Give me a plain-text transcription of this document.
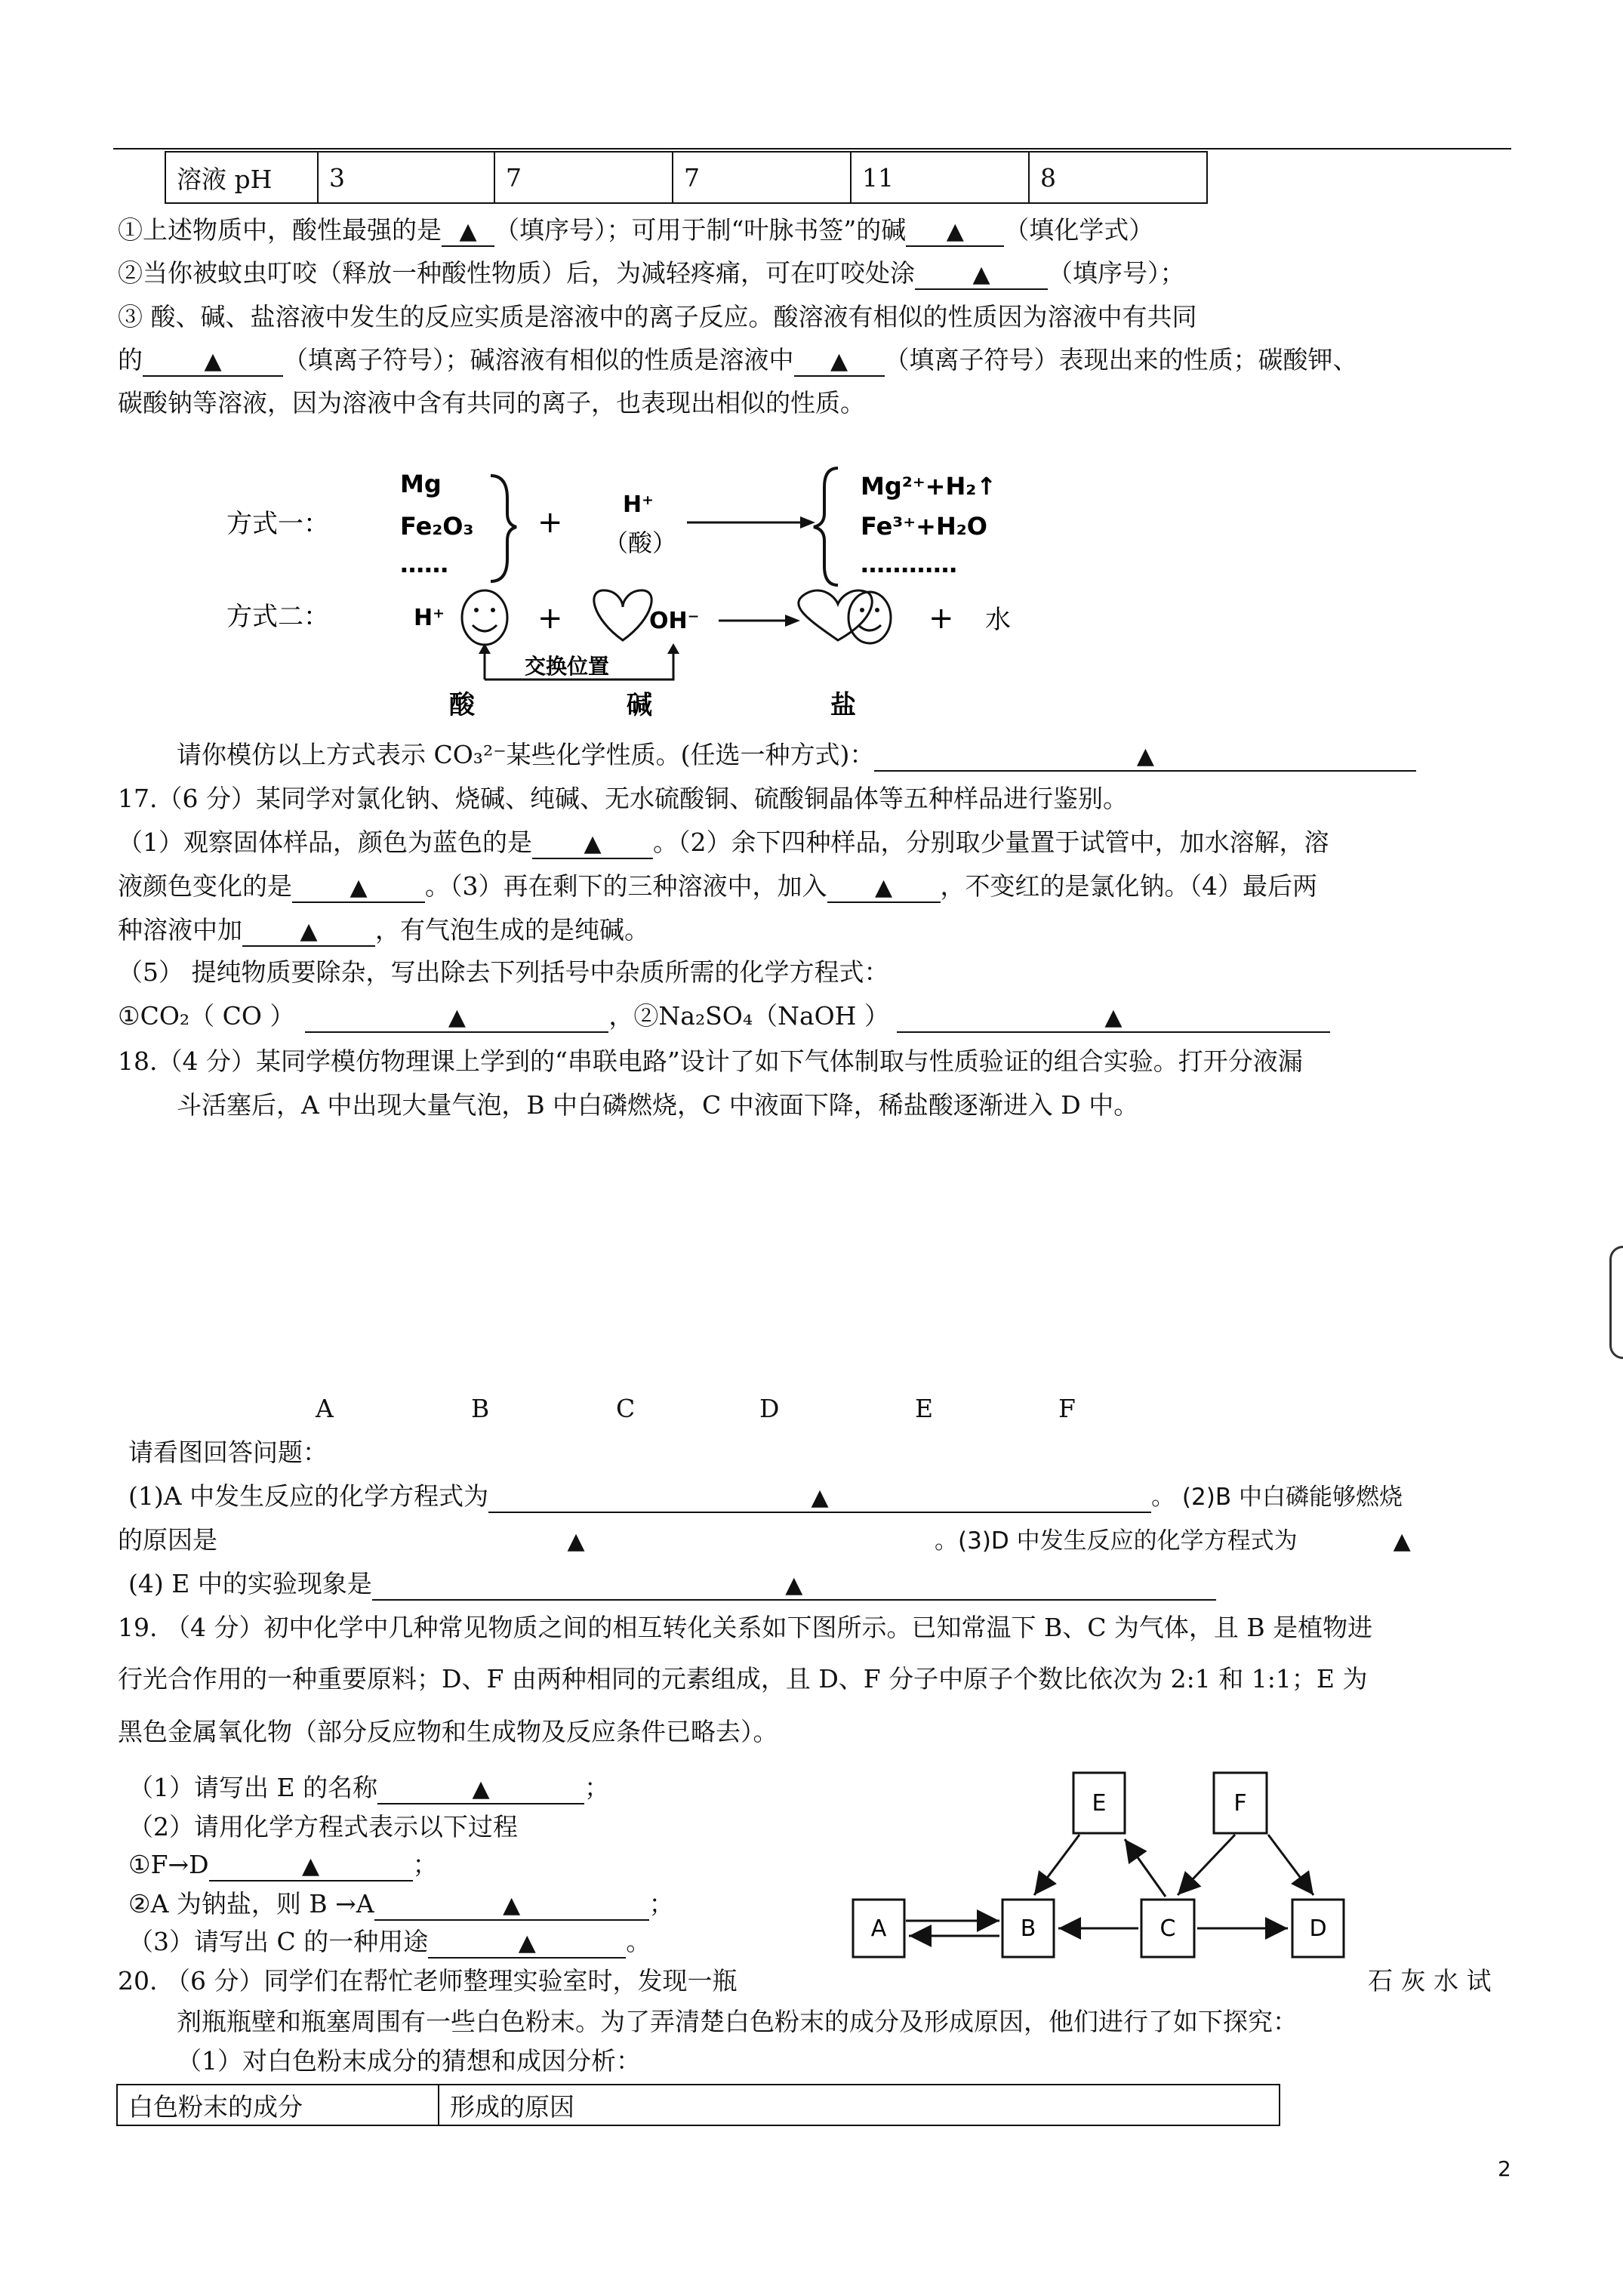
溶液 pH	3	7	7	11	8
①上述物质中，酸性最强的是 ▲ （填序号）；可用于制“叶脉书签”的碱 ▲ （填化学式）
②当你被蚊虫叮咬（释放一种酸性物质）后，为减轻疼痛，可在叮咬处涂	▲ （填序号）；
③ 酸、碱、盐溶液中发生的反应实质是溶液中的离子反应。酸溶液有相似的性质因为溶液中有共同
的	▲ （填离子符号）；碱溶液有相似的性质是溶液中 ▲ （填离子符号）表现出来的性质；碳酸钾、
碳酸钠等溶液，因为溶液中含有共同的离子，也表现出相似的性质。
方式一：
Mg
Fe₂O₃
……
+
H⁺
（酸）
Mg²⁺+H₂↑
Fe³⁺+H₂O
…………
方式二：	H⁺	+	OH⁻	+ 水
交换位置
酸	碱	盐
请你模仿以上方式表示 CO₃²⁻某些化学性质。(任选一种方式)：	▲
17.（6 分）某同学对氯化钠、烧碱、纯碱、无水硫酸铜、硫酸铜晶体等五种样品进行鉴别。
（1）观察固体样品，颜色为蓝色的是 ▲ 。（2）余下四种样品，分别取少量置于试管中，加水溶解，溶
液颜色变化的是	▲ 。（3）再在剩下的三种溶液中，加入 ▲ ，不变红的是氯化钠。（4）最后两
种溶液中加	▲ ，有气泡生成的是纯碱。
（5） 提纯物质要除杂，写出除去下列括号中杂质所需的化学方程式：
①CO₂（ CO ）	▲	，②Na₂SO₄（NaOH ）	▲
18.（4 分）某同学模仿物理课上学到的“串联电路”设计了如下气体制取与性质验证的组合实验。打开分液漏
斗活塞后，A 中出现大量气泡，B 中白磷燃烧，C 中液面下降，稀盐酸逐渐进入 D 中。
A	B	C	D	E	F
请看图回答问题：
(1)A 中发生反应的化学方程式为	▲	。 (2)B 中白磷能够燃烧
的原因是	▲	。(3)D 中发生反应的化学方程式为	▲
(4) E 中的实验现象是	▲
19. （4 分）初中化学中几种常见物质之间的相互转化关系如下图所示。已知常温下 B、C 为气体，且 B 是植物进
行光合作用的一种重要原料；D、F 由两种相同的元素组成，且 D、F 分子中原子个数比依次为 2:1 和 1:1；E 为
黑色金属氧化物（部分反应物和生成物及反应条件已略去）。
（1）请写出 E 的名称	▲	；
（2）请用化学方程式表示以下过程
①F→D	▲	；
②A 为钠盐，则 B →A	▲	；
（3）请写出 C 的一种用途	▲	。	A	B	C	D
E	F
20. （6 分）同学们在帮忙老师整理实验室时，发现一瓶	石 灰 水 试
剂瓶瓶壁和瓶塞周围有一些白色粉末。为了弄清楚白色粉末的成分及形成原因，他们进行了如下探究：
（1）对白色粉末成分的猜想和成因分析：
白色粉末的成分	形成的原因
2
